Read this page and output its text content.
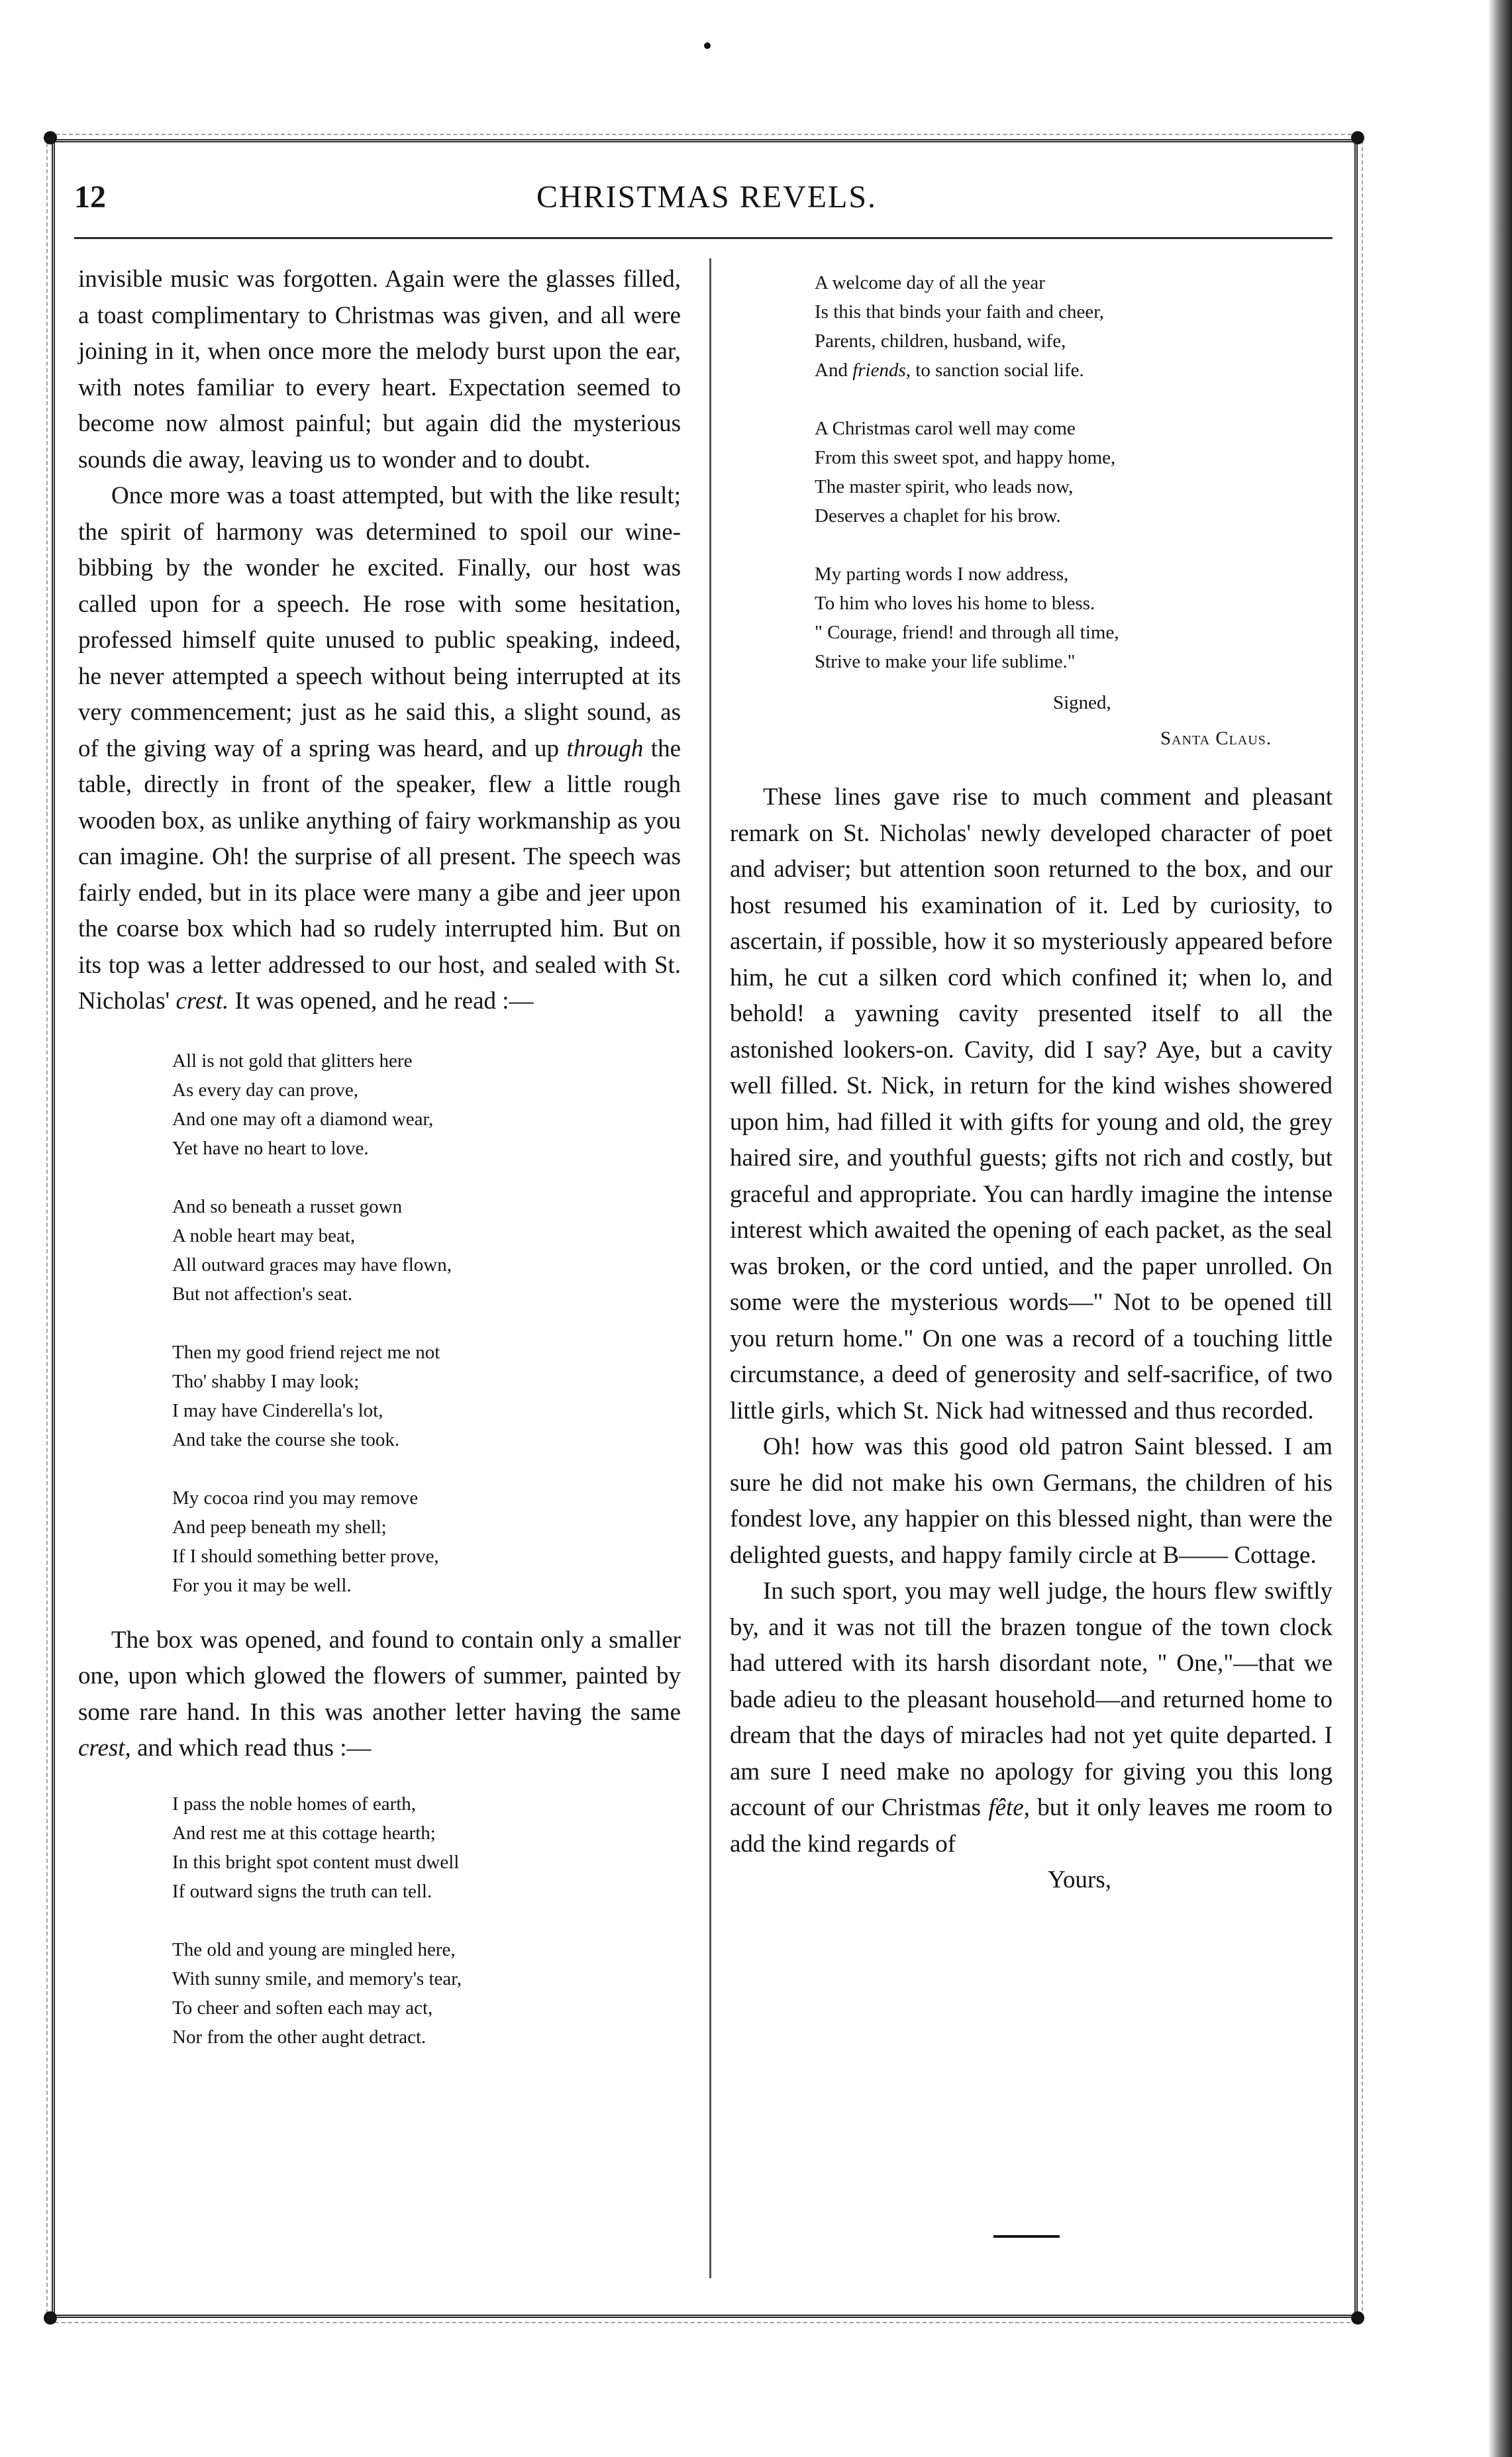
CHRISTMAS REVELS.
12

invisible music was forgotten. Again were the glasses filled, a toast complimentary to Christmas was given, and all were joining in it, when once more the melody burst upon the ear, with notes familiar to every heart. Expectation seemed to become now almost painful; but again did the mysterious sounds die away, leaving us to wonder and to doubt.

Once more was a toast attempted, but with the like result; the spirit of harmony was determined to spoil our wine-bibbing by the wonder he excited. Finally, our host was called upon for a speech. He rose with some hesitation, professed himself quite unused to public speaking, indeed, he never attempted a speech without being interrupted at its very commencement; just as he said this, a slight sound, as of the giving way of a spring was heard, and up through the table, directly in front of the speaker, flew a little rough wooden box, as unlike anything of fairy workmanship as you can imagine. Oh! the surprise of all present. The speech was fairly ended, but in its place were many a gibe and jeer upon the coarse box which had so rudely interrupted him. But on its top was a letter addressed to our host, and sealed with St. Nicholas' crest. It was opened, and he read :—

All is not gold that glitters here
As every day can prove,
And one may oft a diamond wear,
Yet have no heart to love.
And so beneath a russet gown
A noble heart may beat,
All outward graces may have flown,
But not affection's seat.
Then my good friend reject me not
Tho' shabby I may look;
I may have Cinderella's lot,
And take the course she took.
My cocoa rind you may remove
And peep beneath my shell;
If I should something better prove,
For you it may be well.

The box was opened, and found to contain only a smaller one, upon which glowed the flowers of summer, painted by some rare hand. In this was another letter having the same crest, and which read thus :—

I pass the noble homes of earth,
And rest me at this cottage hearth;
In this bright spot content must dwell
If outward signs the truth can tell.
The old and young are mingled here,
With sunny smile, and memory's tear,
To cheer and soften each may act,
Nor from the other aught detract.
A welcome day of all the year
Is this that binds your faith and cheer,
Parents, children, husband, wife,
And friends, to sanction social life.
A Christmas carol well may come
From this sweet spot, and happy home,
The master spirit, who leads now,
Deserves a chaplet for his brow.
My parting words I now address,
To him who loves his home to bless.
" Courage, friend! and through all time,
Strive to make your life sublime."
Signed,
Santa Claus.

These lines gave rise to much comment and pleasant remark on St. Nicholas' newly developed character of poet and adviser; but attention soon returned to the box, and our host resumed his examination of it. Led by curiosity, to ascertain, if possible, how it so mysteriously appeared before him, he cut a silken cord which confined it; when lo, and behold! a yawning cavity presented itself to all the astonished lookers-on. Cavity, did I say? Aye, but a cavity well filled. St. Nick, in return for the kind wishes showered upon him, had filled it with gifts for young and old, the grey haired sire, and youthful guests; gifts not rich and costly, but graceful and appropriate. You can hardly imagine the intense interest which awaited the opening of each packet, as the seal was broken, or the cord untied, and the paper unrolled. On some were the mysterious words—" Not to be opened till you return home." On one was a record of a touching little circumstance, a deed of generosity and self-sacrifice, of two little girls, which St. Nick had witnessed and thus recorded.

Oh! how was this good old patron Saint blessed. I am sure he did not make his own Germans, the children of his fondest love, any happier on this blessed night, than were the delighted guests, and happy family circle at B—— Cottage.

In such sport, you may well judge, the hours flew swiftly by, and it was not till the brazen tongue of the town clock had uttered with its harsh disordant note, " One,"—that we bade adieu to the pleasant household—and returned home to dream that the days of miracles had not yet quite departed. I am sure I need make no apology for giving you this long account of our Christmas fête, but it only leaves me room to add the kind regards of

Yours,
